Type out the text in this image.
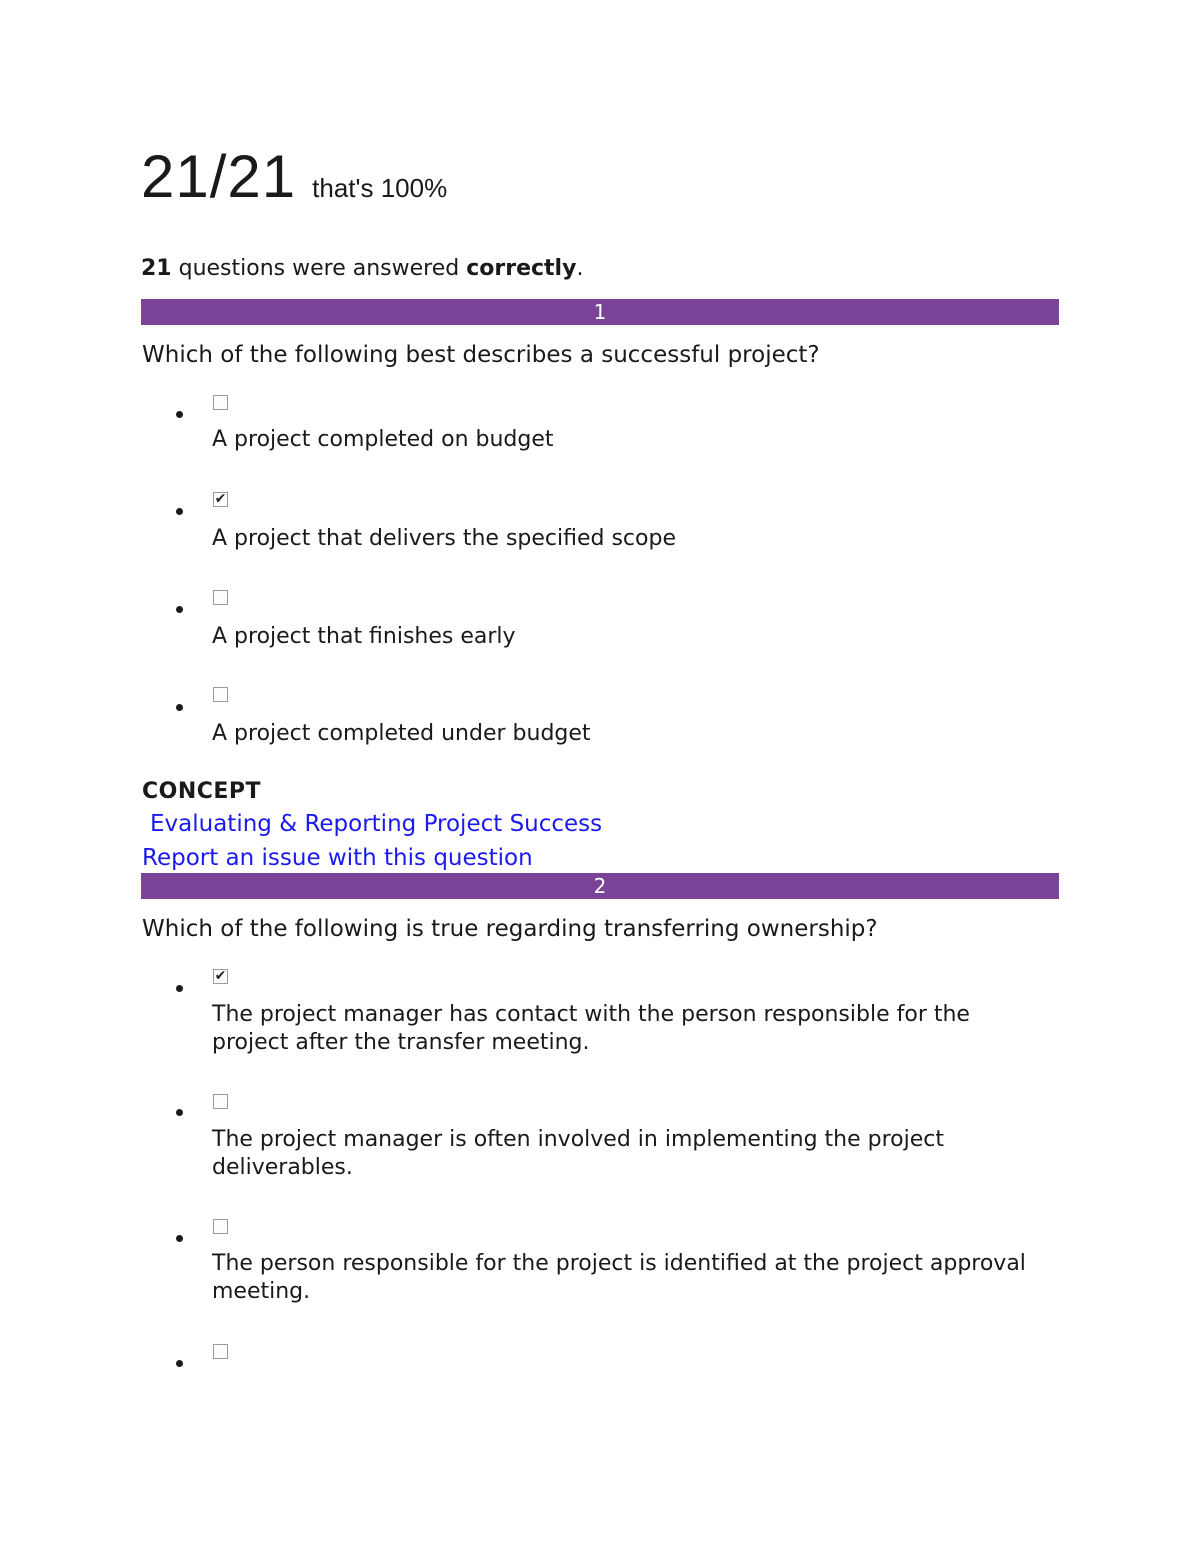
21/21 that's 100%
21 questions were answered correctly.
1
Which of the following best describes a successful project?
A project completed on budget
✔
A project that delivers the specified scope
A project that finishes early
A project completed under budget
CONCEPT
Evaluating & Reporting Project Success
Report an issue with this question
2
Which of the following is true regarding transferring ownership?
✔
The project manager has contact with the person responsible for the project after the transfer meeting.
The project manager is often involved in implementing the project deliverables.
The person responsible for the project is identified at the project approval meeting.
